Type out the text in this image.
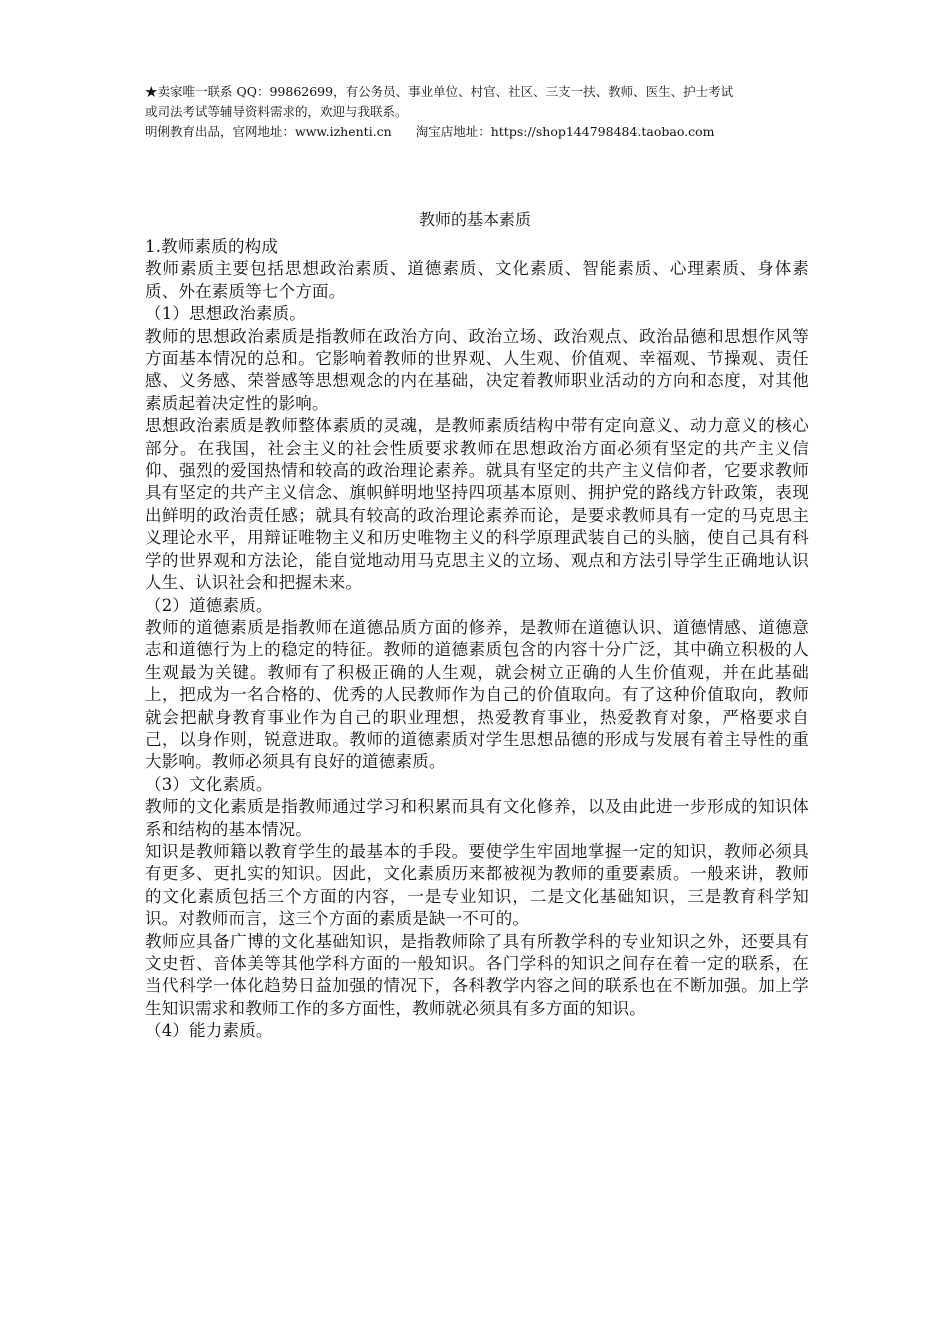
★卖家唯一联系 QQ：99862699，有公务员、事业单位、村官、社区、三支一扶、教师、医生、护士考试

或司法考试等辅导资料需求的，欢迎与我联系。

明俐教育出品，官网地址：www.izhenti.cn 淘宝店地址：https://shop144798484.taobao.com

教师的基本素质

1.教师素质的构成

教师素质主要包括思想政治素质、道德素质、文化素质、智能素质、心理素质、身体素质、外在素质等七个方面。

（1）思想政治素质。

教师的思想政治素质是指教师在政治方向、政治立场、政治观点、政治品德和思想作风等方面基本情况的总和。它影响着教师的世界观、人生观、价值观、幸福观、节操观、责任感、义务感、荣誉感等思想观念的内在基础，决定着教师职业活动的方向和态度，对其他素质起着决定性的影响。

思想政治素质是教师整体素质的灵魂，是教师素质结构中带有定向意义、动力意义的核心部分。在我国，社会主义的社会性质要求教师在思想政治方面必须有坚定的共产主义信仰、强烈的爱国热情和较高的政治理论素养。就具有坚定的共产主义信仰者，它要求教师具有坚定的共产主义信念、旗帜鲜明地坚持四项基本原则、拥护党的路线方针政策，表现出鲜明的政治责任感；就具有较高的政治理论素养而论，是要求教师具有一定的马克思主义理论水平，用辩证唯物主义和历史唯物主义的科学原理武装自己的头脑，使自己具有科学的世界观和方法论，能自觉地动用马克思主义的立场、观点和方法引导学生正确地认识人生、认识社会和把握未来。

（2）道德素质。

教师的道德素质是指教师在道德品质方面的修养，是教师在道德认识、道德情感、道德意志和道德行为上的稳定的特征。教师的道德素质包含的内容十分广泛，其中确立积极的人生观最为关键。教师有了积极正确的人生观，就会树立正确的人生价值观，并在此基础上，把成为一名合格的、优秀的人民教师作为自己的价值取向。有了这种价值取向，教师就会把献身教育事业作为自己的职业理想，热爱教育事业，热爱教育对象，严格要求自己，以身作则，锐意进取。教师的道德素质对学生思想品德的形成与发展有着主导性的重大影响。教师必须具有良好的道德素质。

（3）文化素质。

教师的文化素质是指教师通过学习和积累而具有文化修养，以及由此进一步形成的知识体系和结构的基本情况。

知识是教师籍以教育学生的最基本的手段。要使学生牢固地掌握一定的知识，教师必须具有更多、更扎实的知识。因此，文化素质历来都被视为教师的重要素质。一般来讲，教师的文化素质包括三个方面的内容，一是专业知识，二是文化基础知识，三是教育科学知识。对教师而言，这三个方面的素质是缺一不可的。

教师应具备广博的文化基础知识，是指教师除了具有所教学科的专业知识之外，还要具有文史哲、音体美等其他学科方面的一般知识。各门学科的知识之间存在着一定的联系，在当代科学一体化趋势日益加强的情况下，各科教学内容之间的联系也在不断加强。加上学生知识需求和教师工作的多方面性，教师就必须具有多方面的知识。

（4）能力素质。
